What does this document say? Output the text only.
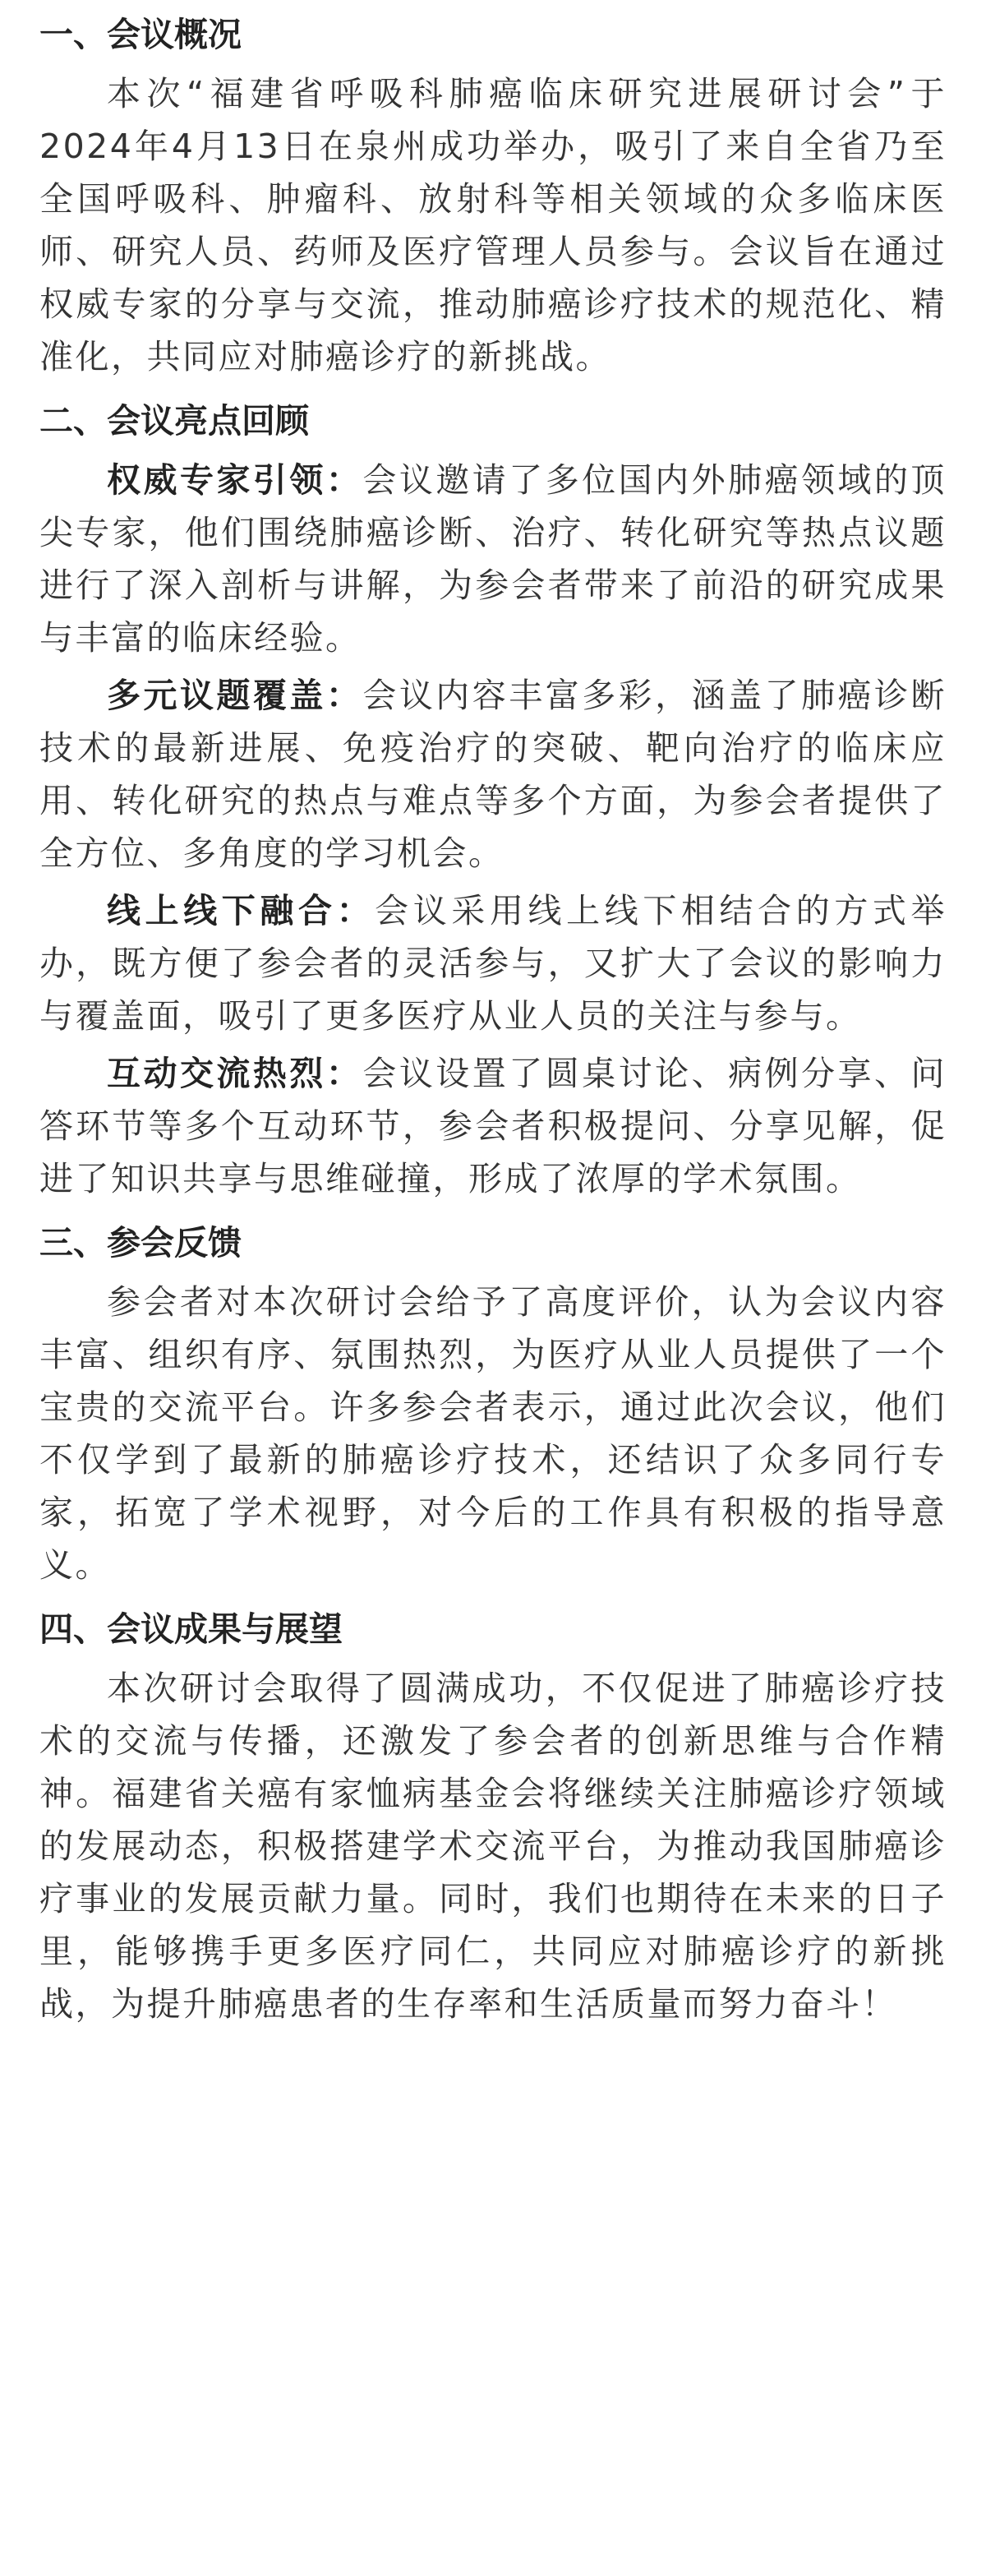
一、会议概况

本次“福建省呼吸科肺癌临床研究进展研讨会”于2024年4月13日在泉州成功举办，吸引了来自全省乃至全国呼吸科、肿瘤科、放射科等相关领域的众多临床医师、研究人员、药师及医疗管理人员参与。会议旨在通过权威专家的分享与交流，推动肺癌诊疗技术的规范化、精准化，共同应对肺癌诊疗的新挑战。

二、会议亮点回顾

权威专家引领：会议邀请了多位国内外肺癌领域的顶尖专家，他们围绕肺癌诊断、治疗、转化研究等热点议题进行了深入剖析与讲解，为参会者带来了前沿的研究成果与丰富的临床经验。

多元议题覆盖：会议内容丰富多彩，涵盖了肺癌诊断技术的最新进展、免疫治疗的突破、靶向治疗的临床应用、转化研究的热点与难点等多个方面，为参会者提供了全方位、多角度的学习机会。

线上线下融合：会议采用线上线下相结合的方式举办，既方便了参会者的灵活参与，又扩大了会议的影响力与覆盖面，吸引了更多医疗从业人员的关注与参与。

互动交流热烈：会议设置了圆桌讨论、病例分享、问答环节等多个互动环节，参会者积极提问、分享见解，促进了知识共享与思维碰撞，形成了浓厚的学术氛围。

三、参会反馈

参会者对本次研讨会给予了高度评价，认为会议内容丰富、组织有序、氛围热烈，为医疗从业人员提供了一个宝贵的交流平台。许多参会者表示，通过此次会议，他们不仅学到了最新的肺癌诊疗技术，还结识了众多同行专家，拓宽了学术视野，对今后的工作具有积极的指导意义。

四、会议成果与展望

本次研讨会取得了圆满成功，不仅促进了肺癌诊疗技术的交流与传播，还激发了参会者的创新思维与合作精神。福建省关癌有家恤病基金会将继续关注肺癌诊疗领域的发展动态，积极搭建学术交流平台，为推动我国肺癌诊疗事业的发展贡献力量。同时，我们也期待在未来的日子里，能够携手更多医疗同仁，共同应对肺癌诊疗的新挑战，为提升肺癌患者的生存率和生活质量而努力奋斗！
